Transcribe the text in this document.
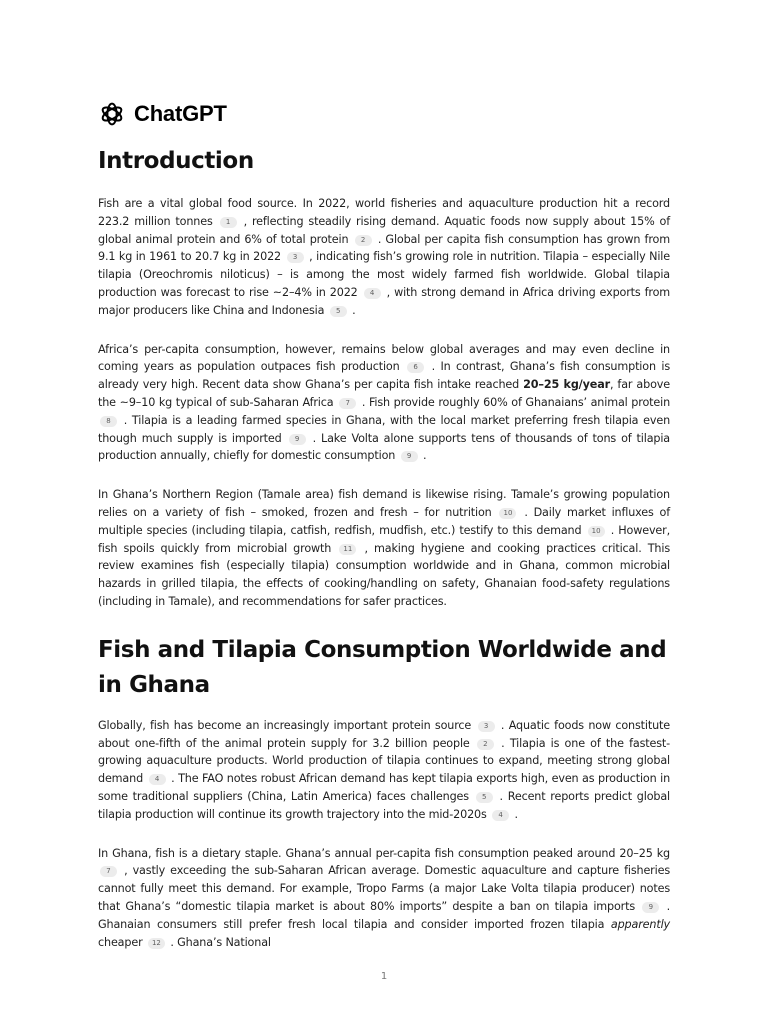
ChatGPT
Introduction

Fish are a vital global food source. In 2022, world fisheries and aquaculture production hit a record 223.2 million tonnes 1 , reflecting steadily rising demand. Aquatic foods now supply about 15% of global animal protein and 6% of total protein 2 . Global per capita fish consumption has grown from 9.1 kg in 1961 to 20.7 kg in 2022 3 , indicating fish’s growing role in nutrition. Tilapia – especially Nile tilapia (Oreochromis niloticus) – is among the most widely farmed fish worldwide. Global tilapia production was forecast to rise ~2–4% in 2022 4 , with strong demand in Africa driving exports from major producers like China and Indonesia 5 .

Africa’s per-capita consumption, however, remains below global averages and may even decline in coming years as population outpaces fish production 6 . In contrast, Ghana’s fish consumption is already very high. Recent data show Ghana’s per capita fish intake reached 20–25 kg/year, far above the ~9–10 kg typical of sub-Saharan Africa 7 . Fish provide roughly 60% of Ghanaians’ animal protein 8 . Tilapia is a leading farmed species in Ghana, with the local market preferring fresh tilapia even though much supply is imported 9 . Lake Volta alone supports tens of thousands of tons of tilapia production annually, chiefly for domestic consumption 9 .

In Ghana’s Northern Region (Tamale area) fish demand is likewise rising. Tamale’s growing population relies on a variety of fish – smoked, frozen and fresh – for nutrition 10 . Daily market influxes of multiple species (including tilapia, catfish, redfish, mudfish, etc.) testify to this demand 10 . However, fish spoils quickly from microbial growth 11 , making hygiene and cooking practices critical. This review examines fish (especially tilapia) consumption worldwide and in Ghana, common microbial hazards in grilled tilapia, the effects of cooking/handling on safety, Ghanaian food-safety regulations (including in Tamale), and recommendations for safer practices.

Fish and Tilapia Consumption Worldwide and in Ghana

Globally, fish has become an increasingly important protein source 3 . Aquatic foods now constitute about one-fifth of the animal protein supply for 3.2 billion people 2 . Tilapia is one of the fastest-growing aquaculture products. World production of tilapia continues to expand, meeting strong global demand 4 . The FAO notes robust African demand has kept tilapia exports high, even as production in some traditional suppliers (China, Latin America) faces challenges 5 . Recent reports predict global tilapia production will continue its growth trajectory into the mid-2020s 4 .

In Ghana, fish is a dietary staple. Ghana’s annual per-capita fish consumption peaked around 20–25 kg 7 , vastly exceeding the sub-Saharan African average. Domestic aquaculture and capture fisheries cannot fully meet this demand. For example, Tropo Farms (a major Lake Volta tilapia producer) notes that Ghana’s “domestic tilapia market is about 80% imports” despite a ban on tilapia imports 9 . Ghanaian consumers still prefer fresh local tilapia and consider imported frozen tilapia apparently cheaper 12 . Ghana’s National

1
